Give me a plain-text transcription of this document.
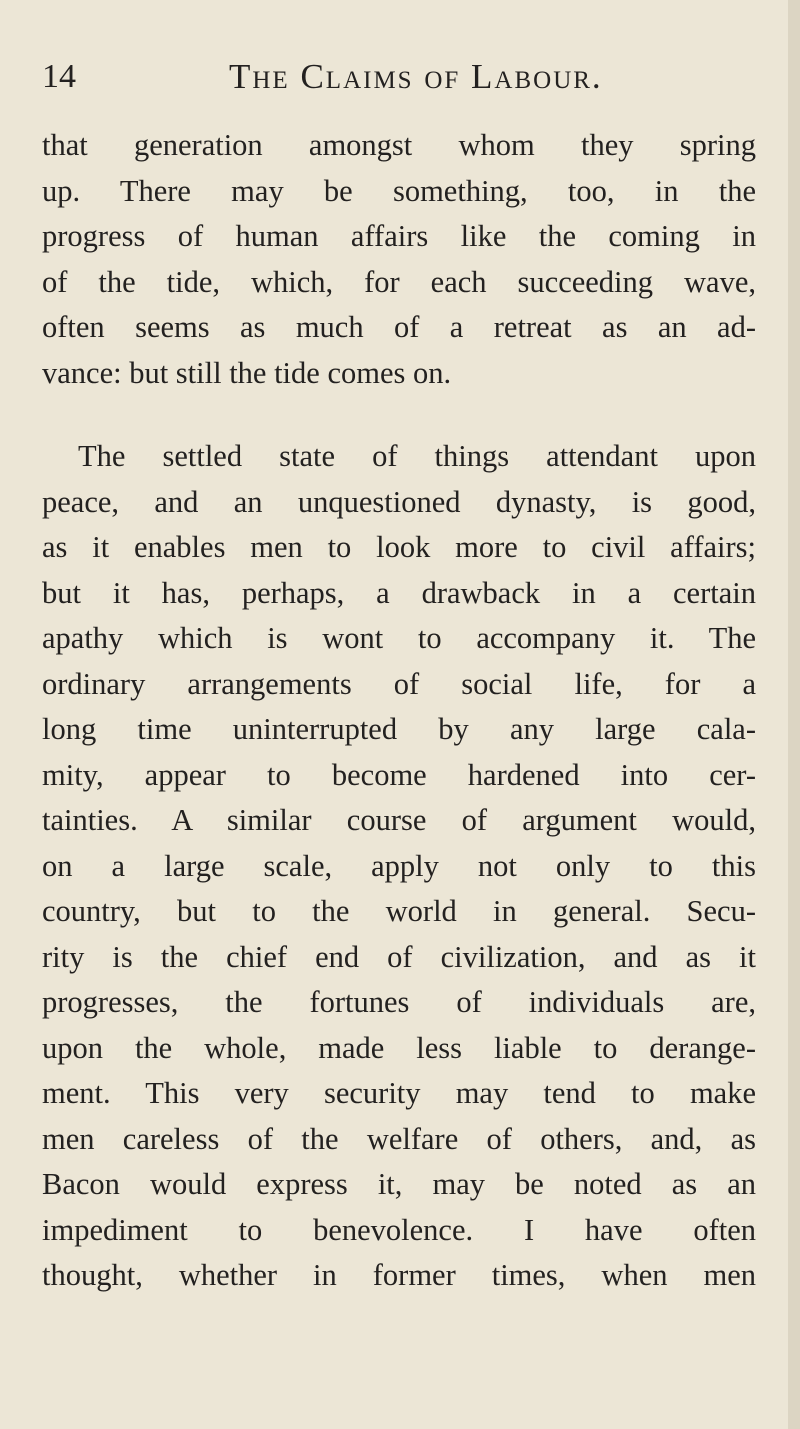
14	The Claims of Labour.

that generation amongst whom they spring
up. There may be something, too, in the
progress of human affairs like the coming in
of the tide, which, for each succeeding wave,
often seems as much of a retreat as an ad-
vance: but still the tide comes on.

The settled state of things attendant upon
peace, and an unquestioned dynasty, is good,
as it enables men to look more to civil affairs;
but it has, perhaps, a drawback in a certain
apathy which is wont to accompany it. The
ordinary arrangements of social life, for a
long time uninterrupted by any large cala-
mity, appear to become hardened into cer-
tainties. A similar course of argument would,
on a large scale, apply not only to this
country, but to the world in general. Secu-
rity is the chief end of civilization, and as it
progresses, the fortunes of individuals are,
upon the whole, made less liable to derange-
ment. This very security may tend to make
men careless of the welfare of others, and, as
Bacon would express it, may be noted as an
impediment to benevolence. I have often
thought, whether in former times, when men
